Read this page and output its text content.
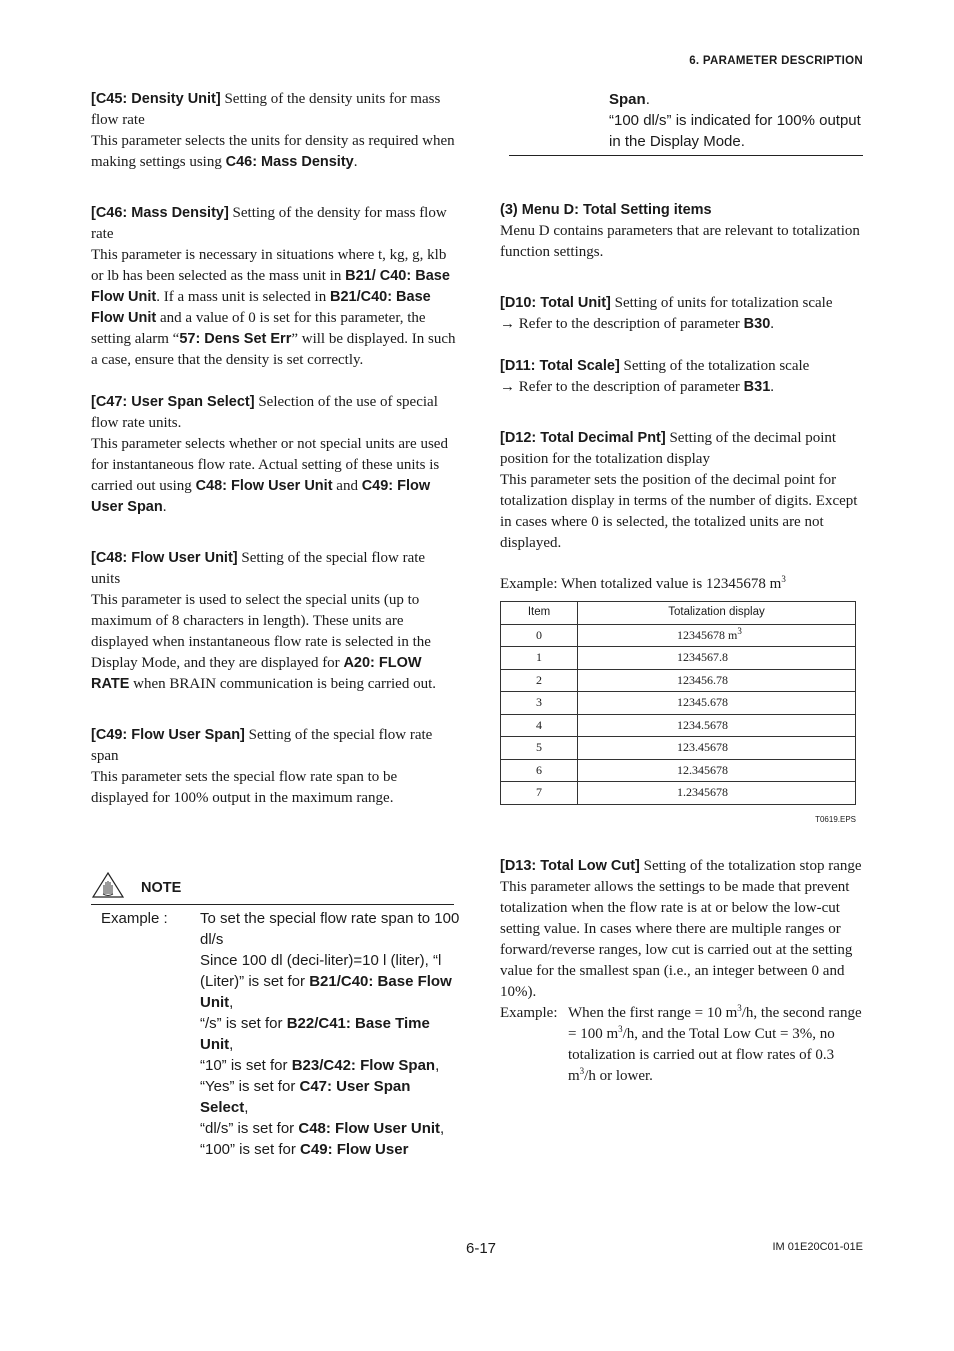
6. PARAMETER DESCRIPTION

[C45: Density Unit] Setting of the density units for mass flow rate
This parameter selects the units for density as required when making settings using C46: Mass Density.

[C46: Mass Density] Setting of the density for mass flow rate
This parameter is necessary in situations where t, kg, g, klb or lb has been selected as the mass unit in B21/ C40: Base Flow Unit. If a mass unit is selected in B21/C40: Base Flow Unit and a value of 0 is set for this parameter, the setting alarm “57: Dens Set Err” will be displayed. In such a case, ensure that the density is set correctly.

[C47: User Span Select] Selection of the use of special flow rate units.
This parameter selects whether or not special units are used for instantaneous flow rate. Actual setting of these units is carried out using C48: Flow User Unit and C49: Flow User Span.

[C48: Flow User Unit] Setting of the special flow rate units
This parameter is used to select the special units (up to maximum of 8 characters in length). These units are displayed when instantaneous flow rate is selected in the Display Mode, and they are displayed for A20: FLOW RATE when BRAIN communication is being carried out.

[C49: Flow User Span] Setting of the special flow rate span
This parameter sets the special flow rate span to be displayed for 100% output in the maximum range.

NOTE
Example : To set the special flow rate span to 100 dl/s
Since 100 dl (deci-liter)=10 l (liter), “l (Liter)” is set for B21/C40: Base Flow Unit,
“/s” is set for B22/C41: Base Time Unit,
“10” is set for B23/C42: Flow Span,
“Yes” is set for C47: User Span Select,
“dl/s” is set for C48: Flow User Unit,
“100” is set for C49: Flow User
Span.
“100 dl/s” is indicated for 100% output in the Display Mode.
(3) Menu D: Total Setting items

Menu D contains parameters that are relevant to totalization function settings.

[D10: Total Unit] Setting of units for totalization scale
→ Refer to the description of parameter B30.

[D11: Total Scale] Setting of the totalization scale
→ Refer to the description of parameter B31.

[D12: Total Decimal Pnt] Setting of the decimal point position for the totalization display
This parameter sets the position of the decimal point for totalization display in terms of the number of digits. Except in cases where 0 is selected, the totalized units are not displayed.

Example: When totalized value is 12345678 $m^3$

Item	Totalization display
0	12345678 $m^3$
1	1234567.8
2	123456.78
3	12345.678
4	1234.5678
5	123.45678
6	12.345678
7	1.2345678
T0619.EPS

[D13: Total Low Cut] Setting of the totalization stop range
This parameter allows the settings to be made that prevent totalization when the flow rate is at or below the low-cut setting value. In cases where there are multiple ranges or forward/reverse ranges, low cut is carried out at the setting value for the smallest span (i.e., an integer between 0 and 10%).

Example: When the first range = 10 $m^3/h$, the second range = 100 $m^3/h$, and the Total Low Cut = 3%, no totalization is carried out at flow rates of 0.3 $m^3/h$ or lower.
6-17	IM 01E20C01-01E
